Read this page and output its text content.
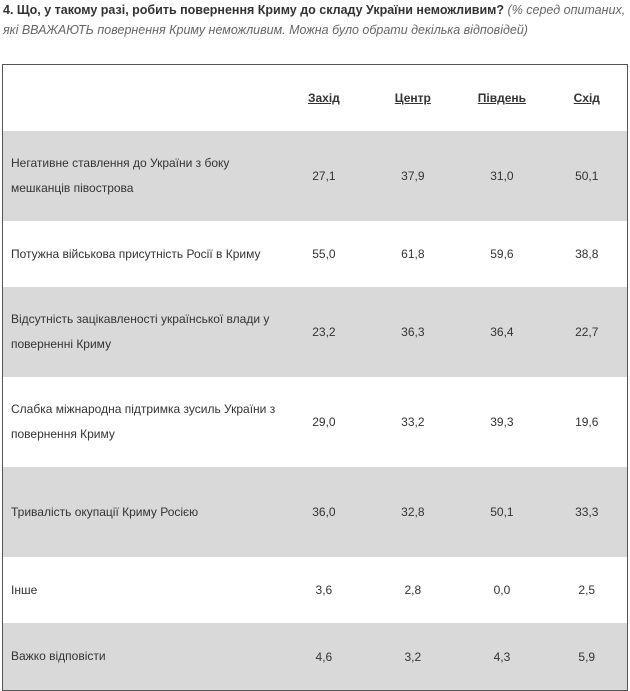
4. Що, у такому разі, робить повернення Криму до складу України неможливим? (% серед опитаних, які ВВАЖАЮТЬ повернення Криму неможливим. Можна було обрати декілька відповідей)
	Захід	Центр	Південь	Схід
Негативне ставлення до України з боку мешканців півострова	27,1	37,9	31,0	50,1
Потужна військова присутність Росії в Криму	55,0	61,8	59,6	38,8
Відсутність зацікавленості української влади у поверненні Криму	23,2	36,3	36,4	22,7
Слабка міжнародна підтримка зусиль України з повернення Криму	29,0	33,2	39,3	19,6
Тривалість окупації Криму Росією	36,0	32,8	50,1	33,3
Інше	3,6	2,8	0,0	2,5
Важко відповісти	4,6	3,2	4,3	5,9
